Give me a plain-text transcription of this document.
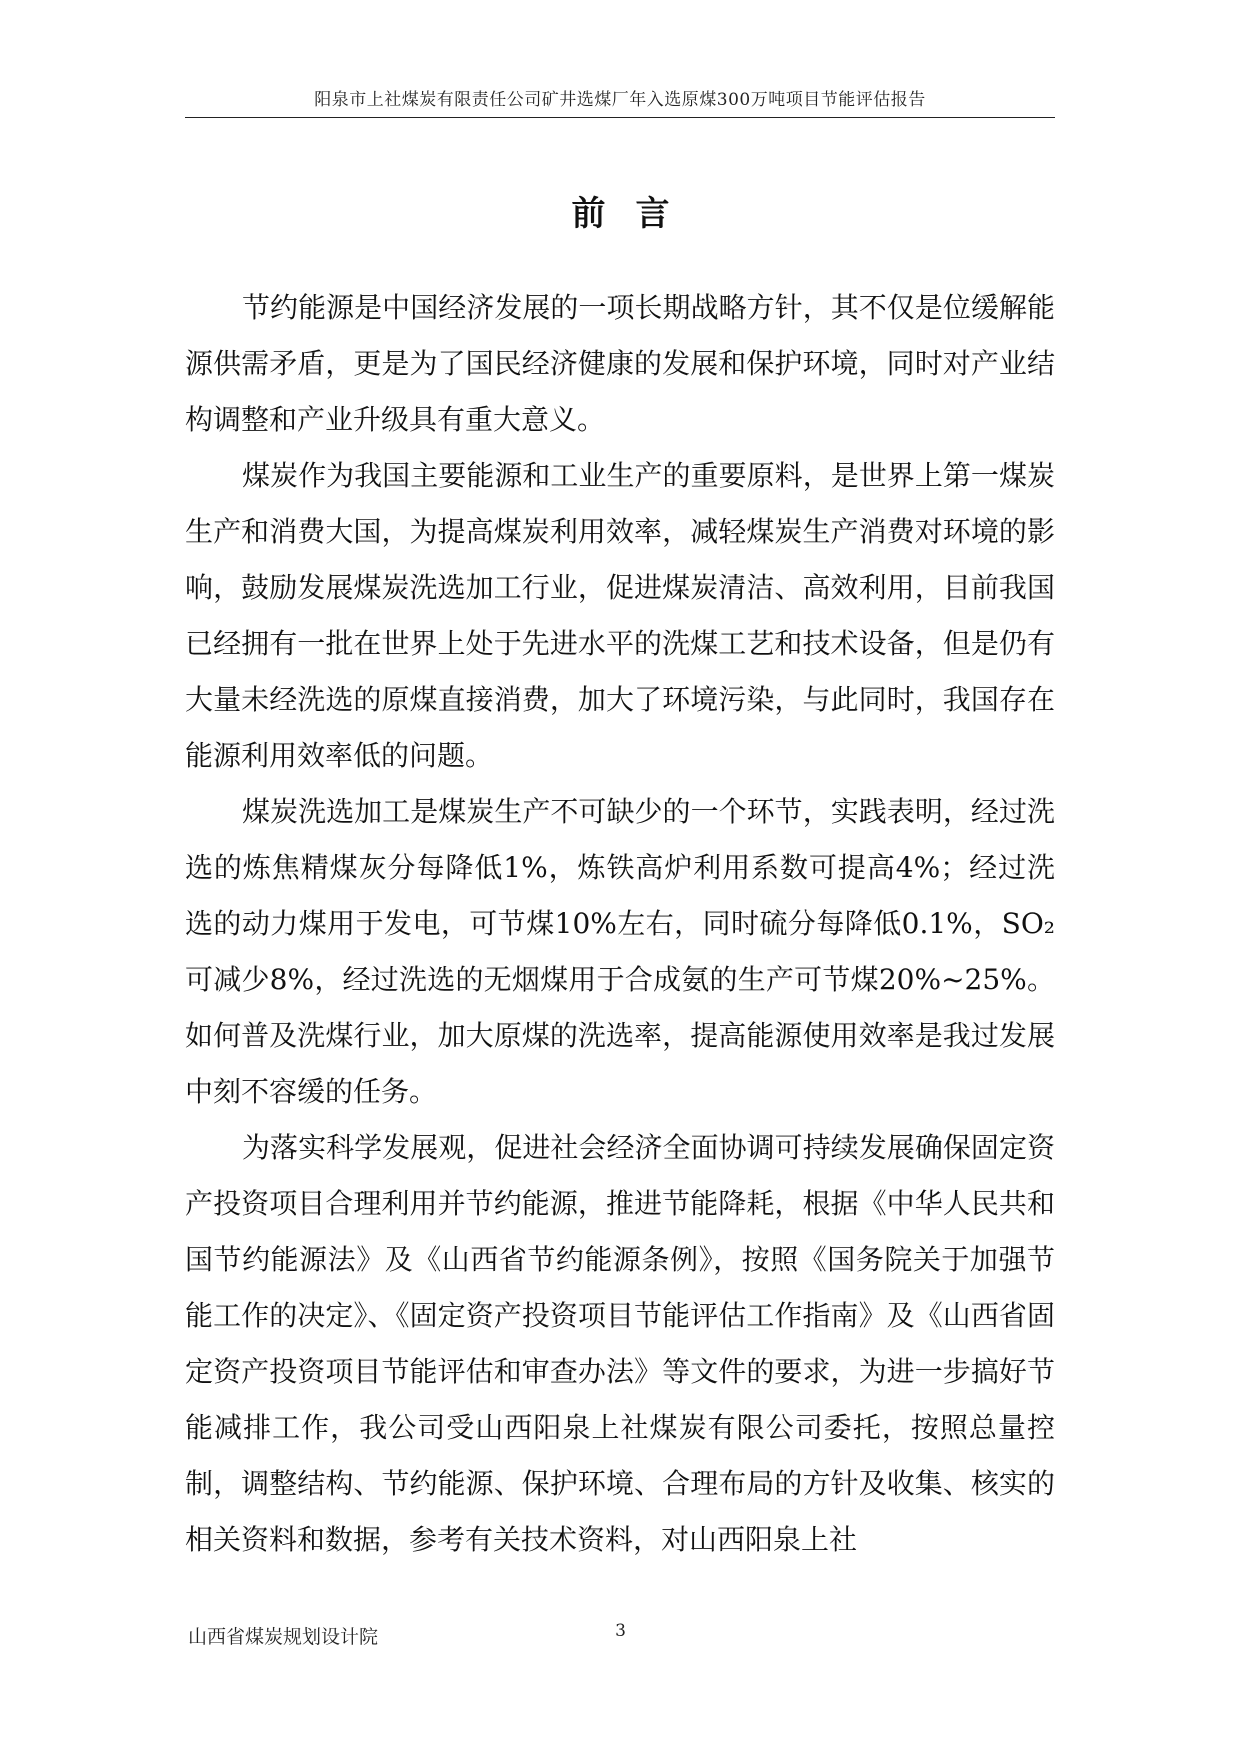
阳泉市上社煤炭有限责任公司矿井选煤厂年入选原煤300万吨项目节能评估报告
前言

节约能源是中国经济发展的一项长期战略方针，其不仅是位缓解能源供需矛盾，更是为了国民经济健康的发展和保护环境，同时对产业结构调整和产业升级具有重大意义。

煤炭作为我国主要能源和工业生产的重要原料，是世界上第一煤炭生产和消费大国，为提高煤炭利用效率，减轻煤炭生产消费对环境的影响，鼓励发展煤炭洗选加工行业，促进煤炭清洁、高效利用，目前我国已经拥有一批在世界上处于先进水平的洗煤工艺和技术设备，但是仍有大量未经洗选的原煤直接消费，加大了环境污染，与此同时，我国存在能源利用效率低的问题。

煤炭洗选加工是煤炭生产不可缺少的一个环节，实践表明，经过洗选的炼焦精煤灰分每降低1%，炼铁高炉利用系数可提高4%；经过洗选的动力煤用于发电，可节煤10%左右，同时硫分每降低0.1%，SO₂可减少8%，经过洗选的无烟煤用于合成氨的生产可节煤20%~25%。如何普及洗煤行业，加大原煤的洗选率，提高能源使用效率是我过发展中刻不容缓的任务。

为落实科学发展观，促进社会经济全面协调可持续发展确保固定资产投资项目合理利用并节约能源，推进节能降耗，根据《中华人民共和国节约能源法》及《山西省节约能源条例》，按照《国务院关于加强节能工作的决定》、《固定资产投资项目节能评估工作指南》及《山西省固定资产投资项目节能评估和审查办法》等文件的要求，为进一步搞好节能减排工作，我公司受山西阳泉上社煤炭有限公司委托，按照总量控制，调整结构、节约能源、保护环境、合理布局的方针及收集、核实的相关资料和数据，参考有关技术资料，对山西阳泉上社

山西省煤炭规划设计院	3
